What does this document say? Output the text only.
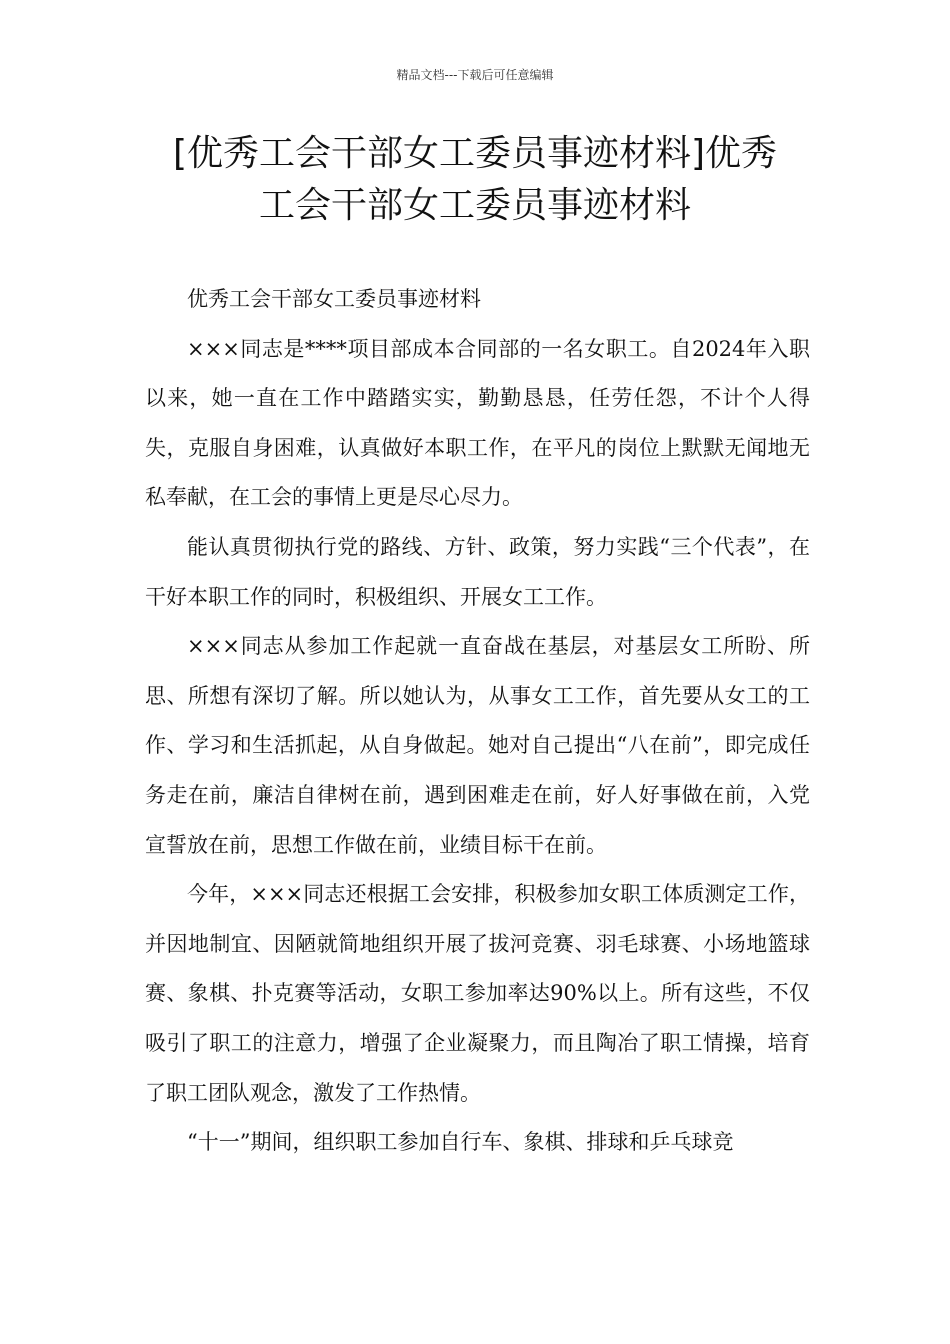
精品文档---下载后可任意编辑
[优秀工会干部女工委员事迹材料]优秀
工会干部女工委员事迹材料

优秀工会干部女工委员事迹材料

×××同志是****项目部成本合同部的一名女职工。自2024年入职以来，她一直在工作中踏踏实实，勤勤恳恳，任劳任怨，不计个人得失，克服自身困难，认真做好本职工作，在平凡的岗位上默默无闻地无私奉献，在工会的事情上更是尽心尽力。

能认真贯彻执行党的路线、方针、政策，努力实践“三个代表”，在干好本职工作的同时，积极组织、开展女工工作。

×××同志从参加工作起就一直奋战在基层，对基层女工所盼、所思、所想有深切了解。所以她认为，从事女工工作，首先要从女工的工作、学习和生活抓起，从自身做起。她对自己提出“八在前”，即完成任务走在前，廉洁自律树在前，遇到困难走在前，好人好事做在前，入党宣誓放在前，思想工作做在前，业绩目标干在前。

今年，×××同志还根据工会安排，积极参加女职工体质测定工作，并因地制宜、因陋就简地组织开展了拔河竞赛、羽毛球赛、小场地篮球赛、象棋、扑克赛等活动，女职工参加率达90%以上。所有这些，不仅吸引了职工的注意力，增强了企业凝聚力，而且陶冶了职工情操，培育了职工团队观念，激发了工作热情。

“十一”期间，组织职工参加自行车、象棋、排球和乒乓球竞
